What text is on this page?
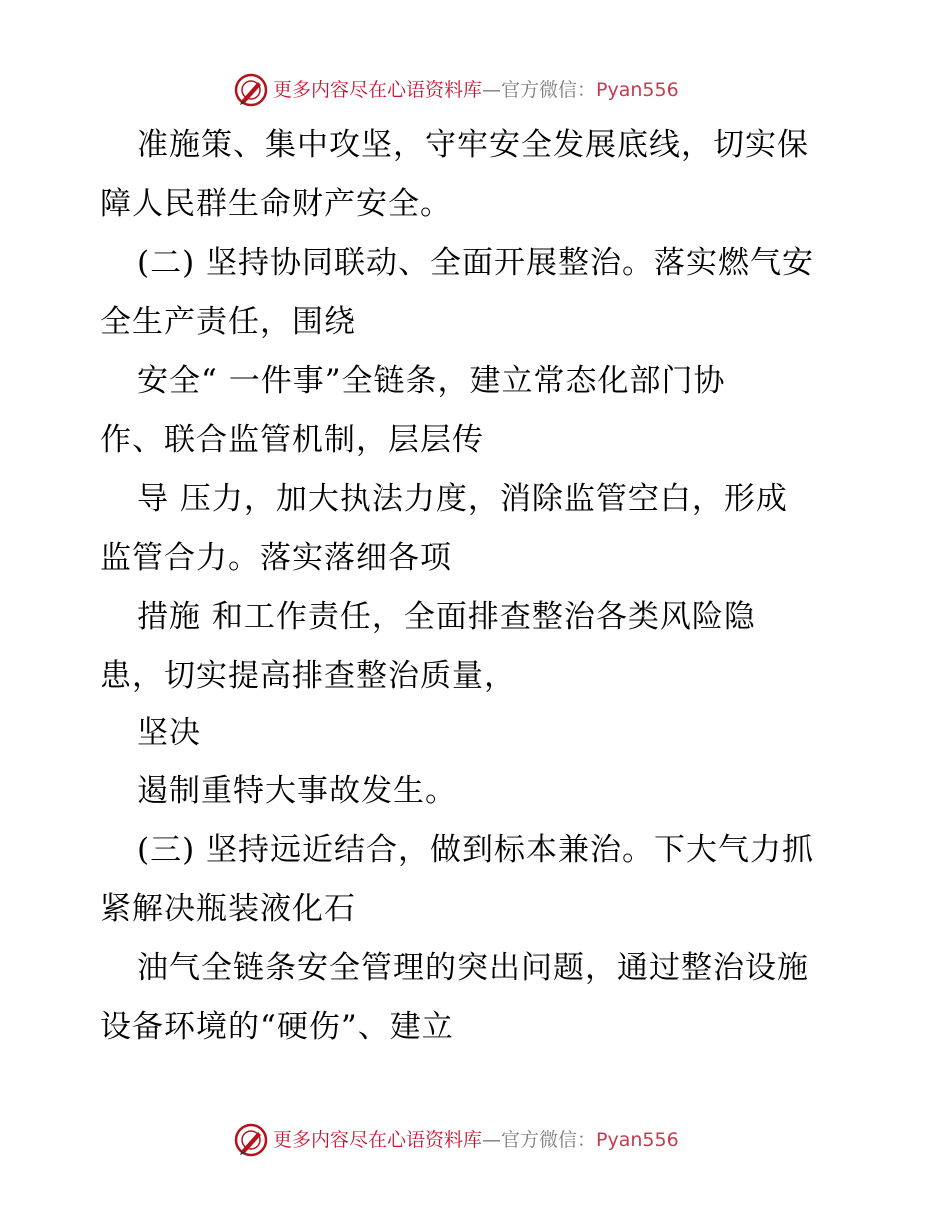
更多内容尽在心语资料库—官方微信：Pyan556
准施策、集中攻坚，守牢安全发展底线，切实保
障人民群生命财产安全。
(二) 坚持协同联动、全面开展整治。落实燃气安
全生产责任，围绕
安全“ 一件事”全链条，建立常态化部门协
作、联合监管机制，层层传
导 压力，加大执法力度，消除监管空白，形成
监管合力。落实落细各项
措施 和工作责任，全面排查整治各类风险隐
患，切实提高排查整治质量，
坚决
遏制重特大事故发生。
(三) 坚持远近结合，做到标本兼治。下大气力抓
紧解决瓶装液化石
油气全链条安全管理的突出问题，通过整治设施
设备环境的“硬伤”、建立
更多内容尽在心语资料库—官方微信：Pyan556
